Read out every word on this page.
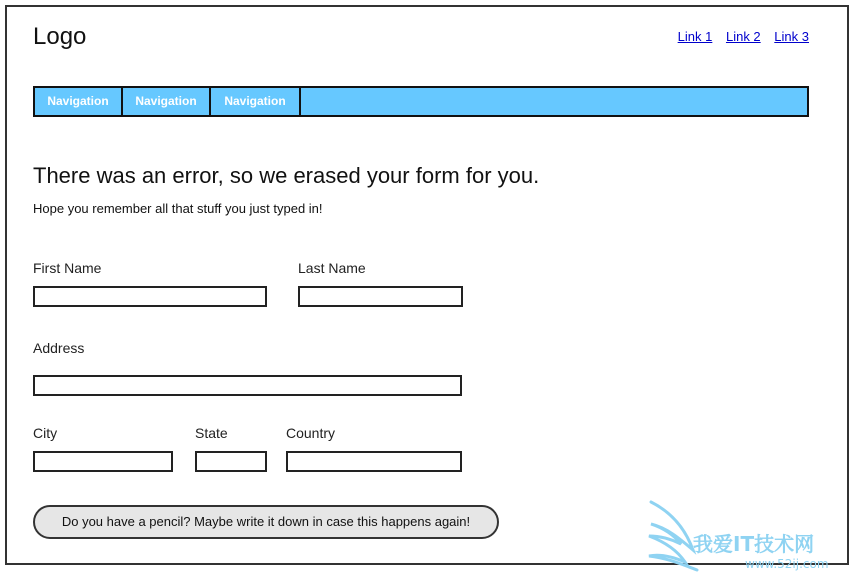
Logo	Link 1 Link 2 Link 3
Navigation	Navigation	Navigation
There was an error, so we erased your form for you.
Hope you remember all that stuff you just typed in!
First Name	Last Name
Address
City	State	Country
Do you have a pencil? Maybe write it down in case this happens again!
我爱IT技术网
www.52ij.com
